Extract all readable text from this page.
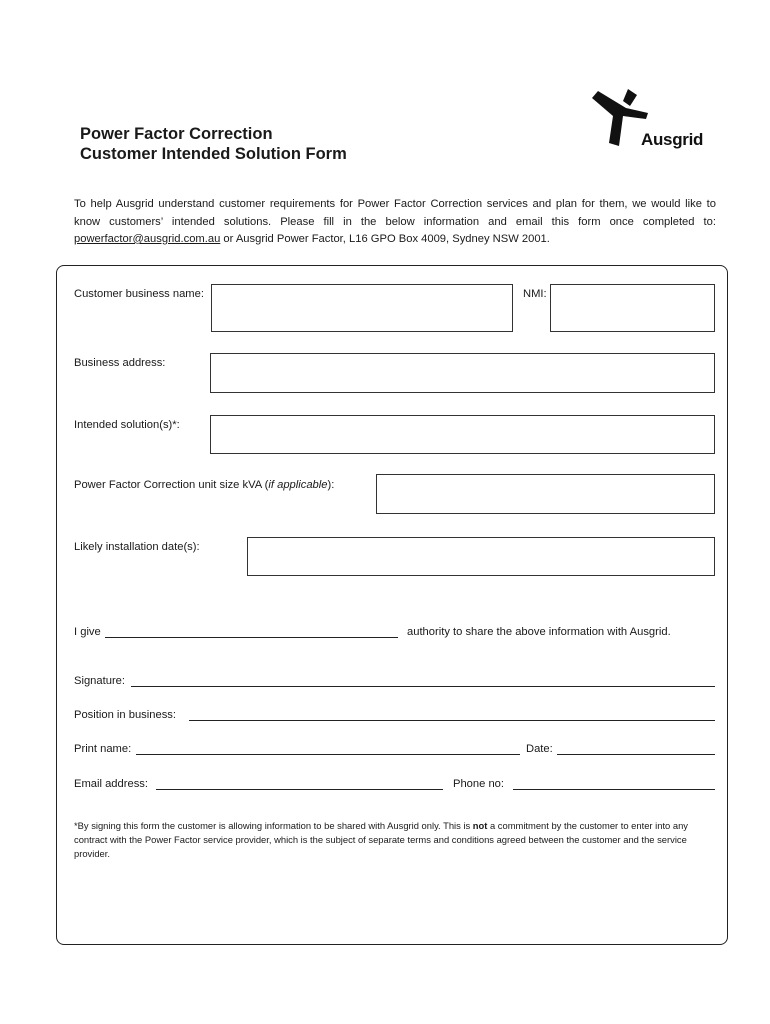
Power Factor Correction
Customer Intended Solution Form
Ausgrid

To help Ausgrid understand customer requirements for Power Factor Correction services and plan for them, we would like to know customers’ intended solutions. Please fill in the below information and email this form once completed to: powerfactor@ausgrid.com.au or Ausgrid Power Factor, L16 GPO Box 4009, Sydney NSW 2001.

Customer business name:	NMI:
Business address:
Intended solution(s)*:
Power Factor Correction unit size kVA (if applicable):
Likely installation date(s):
I give	authority to share the above information with Ausgrid.
Signature:
Position in business:
Print name:	Date:
Email address:	Phone no:

*By signing this form the customer is allowing information to be shared with Ausgrid only. This is not a commitment by the customer to enter into any contract with the Power Factor service provider, which is the subject of separate terms and conditions agreed between the customer and the service provider.
